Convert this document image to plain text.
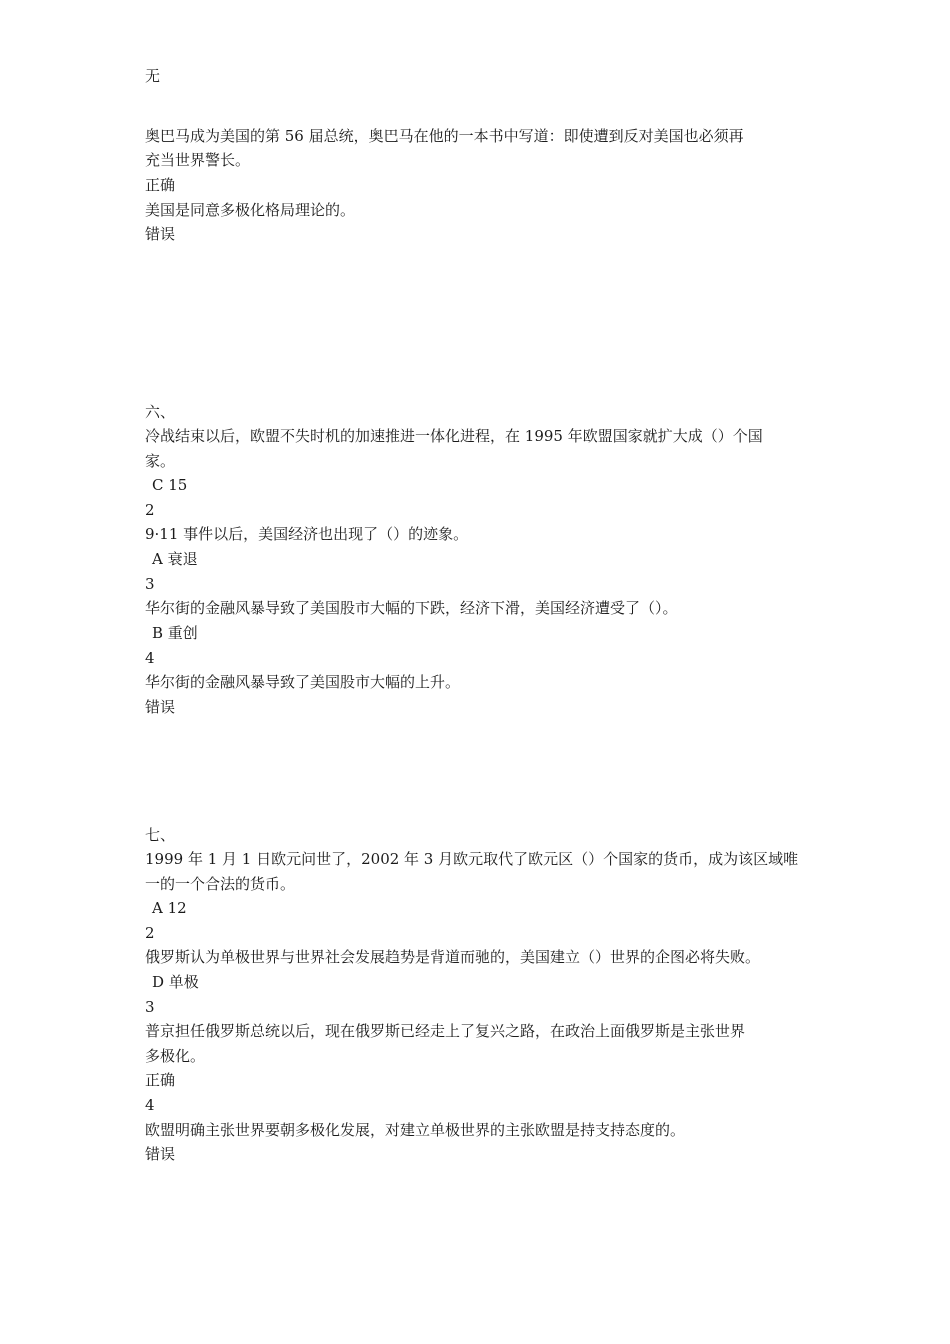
无
奥巴马成为美国的第 56 届总统，奥巴马在他的一本书中写道：即使遭到反对美国也必须再
充当世界警长。
正确
美国是同意多极化格局理论的。
错误
六、
冷战结束以后，欧盟不失时机的加速推进一体化进程，在 1995 年欧盟国家就扩大成（）个国
家。
C 15
2
9·11 事件以后，美国经济也出现了（）的迹象。
A 衰退
3
华尔街的金融风暴导致了美国股市大幅的下跌，经济下滑，美国经济遭受了（）。
B 重创
4
华尔街的金融风暴导致了美国股市大幅的上升。
错误
七、
1999 年 1 月 1 日欧元问世了，2002 年 3 月欧元取代了欧元区（）个国家的货币，成为该区域唯
一的一个合法的货币。
A 12
2
俄罗斯认为单极世界与世界社会发展趋势是背道而驰的，美国建立（）世界的企图必将失败。
D 单极
3
普京担任俄罗斯总统以后，现在俄罗斯已经走上了复兴之路，在政治上面俄罗斯是主张世界
多极化。
正确
4
欧盟明确主张世界要朝多极化发展，对建立单极世界的主张欧盟是持支持态度的。
错误
